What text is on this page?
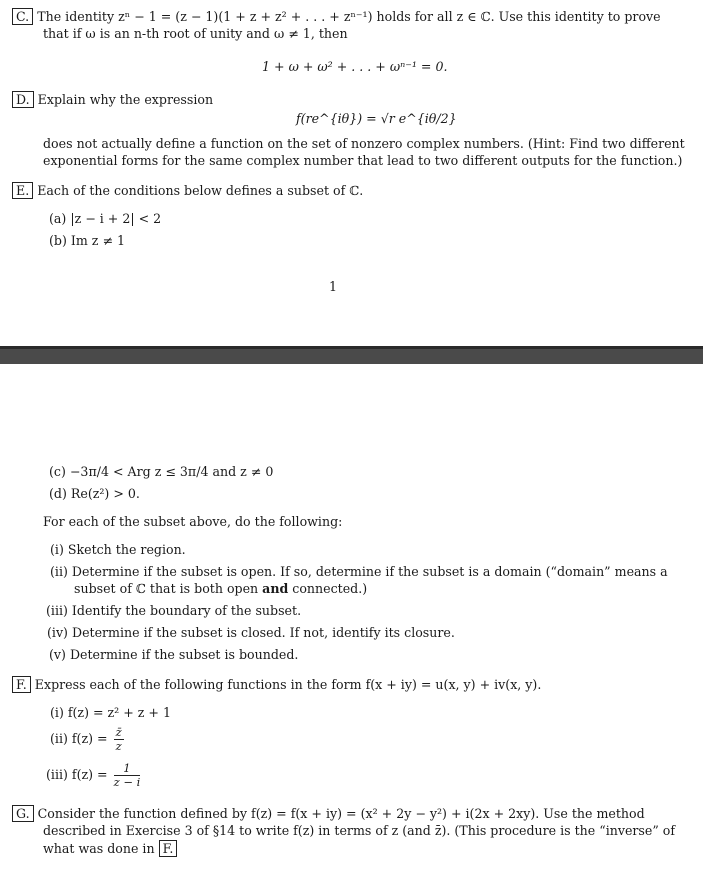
C. The identity zⁿ − 1 = (z − 1)(1 + z + z² + . . . + zⁿ⁻¹) holds for all z ∈ ℂ. Use this identity to prove
that if ω is an n-th root of unity and ω ≠ 1, then
1 + ω + ω² + . . . + ωⁿ⁻¹ = 0.
D. Explain why the expression
f(re^{iθ}) = √r e^{iθ/2}
does not actually define a function on the set of nonzero complex numbers. (Hint: Find two different
exponential forms for the same complex number that lead to two different outputs for the function.)
E. Each of the conditions below defines a subset of ℂ.
(a) |z − i + 2| < 2
(b) Im z ≠ 1
1
(c) −3π/4 < Arg z ≤ 3π/4 and z ≠ 0
(d) Re(z²) > 0.
For each of the subset above, do the following:
(i) Sketch the region.
(ii) Determine if the subset is open. If so, determine if the subset is a domain (“domain” means a
subset of ℂ that is both open and connected.)
(iii) Identify the boundary of the subset.
(iv) Determine if the subset is closed. If not, identify its closure.
(v) Determine if the subset is bounded.
F. Express each of the following functions in the form f(x + iy) = u(x, y) + iv(x, y).
(i) f(z) = z² + z + 1
(ii) $f(z) = \frac{z̄}{z}$
(iii) $f(z) = \frac{1}{z - i}$
G. Consider the function defined by f(z) = f(x + iy) = (x² + 2y − y²) + i(2x + 2xy). Use the method
described in Exercise 3 of §14 to write f(z) in terms of z (and z̄). (This procedure is the “inverse” of
what was done in F.
